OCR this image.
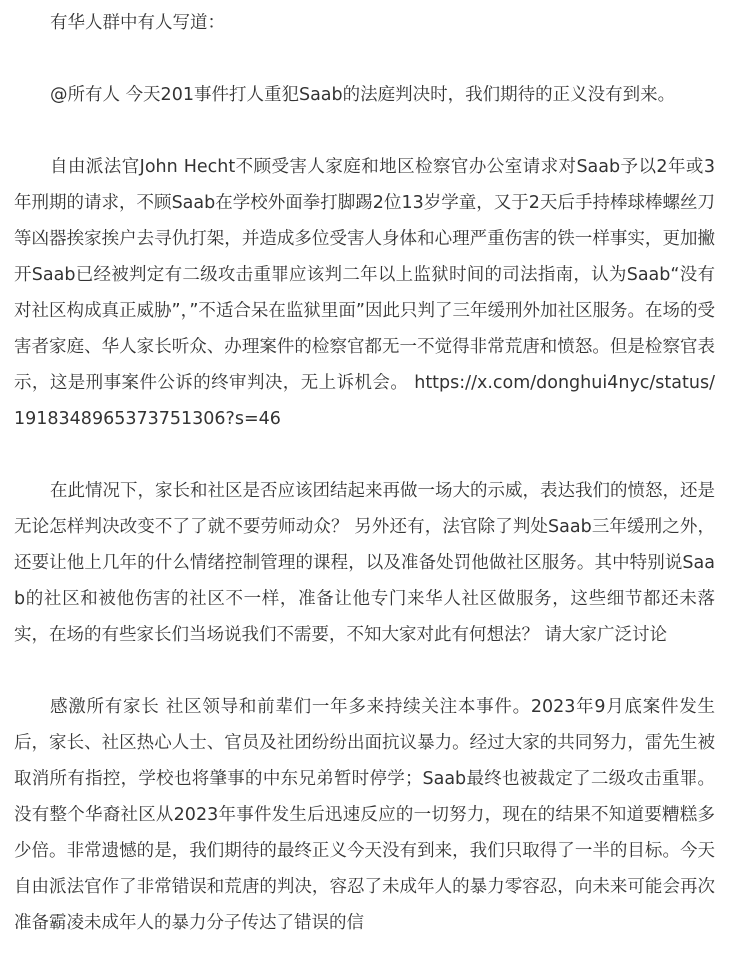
有华人群中有人写道：

@所有人 今天201事件打人重犯Saab的法庭判决时，我们期待的正义没有到来。

自由派法官John Hecht不顾受害人家庭和地区检察官办公室请求对Saab予以2年或3年刑期的请求，不顾Saab在学校外面拳打脚踢2位13岁学童，又于2天后手持棒球棒螺丝刀等凶器挨家挨户去寻仇打架，并造成多位受害人身体和心理严重伤害的铁一样事实，更加撇开Saab已经被判定有二级攻击重罪应该判二年以上监狱时间的司法指南，认为Saab“没有对社区构成真正威胁”，”不适合呆在监狱里面”因此只判了三年缓刑外加社区服务。在场的受害者家庭、华人家长听众、办理案件的检察官都无一不觉得非常荒唐和愤怒。但是检察官表示，这是刑事案件公诉的终审判决，无上诉机会。 https://x.com/donghui4nyc/status/1918348965373751306?s=46

在此情况下，家长和社区是否应该团结起来再做一场大的示威，表达我们的愤怒，还是无论怎样判决改变不了了就不要劳师动众？ 另外还有，法官除了判处Saab三年缓刑之外，还要让他上几年的什么情绪控制管理的课程，以及准备处罚他做社区服务。其中特别说Saab的社区和被他伤害的社区不一样，准备让他专门来华人社区做服务，这些细节都还未落实，在场的有些家长们当场说我们不需要，不知大家对此有何想法？ 请大家广泛讨论

感激所有家长 社区领导和前辈们一年多来持续关注本事件。2023年9月底案件发生后，家长、社区热心人士、官员及社团纷纷出面抗议暴力。经过大家的共同努力，雷先生被取消所有指控，学校也将肇事的中东兄弟暂时停学；Saab最终也被裁定了二级攻击重罪。没有整个华裔社区从2023年事件发生后迅速反应的一切努力，现在的结果不知道要糟糕多少倍。非常遗憾的是，我们期待的最终正义今天没有到来，我们只取得了一半的目标。今天自由派法官作了非常错误和荒唐的判决，容忍了未成年人的暴力零容忍，向未来可能会再次准备霸凌未成年人的暴力分子传达了错误的信
